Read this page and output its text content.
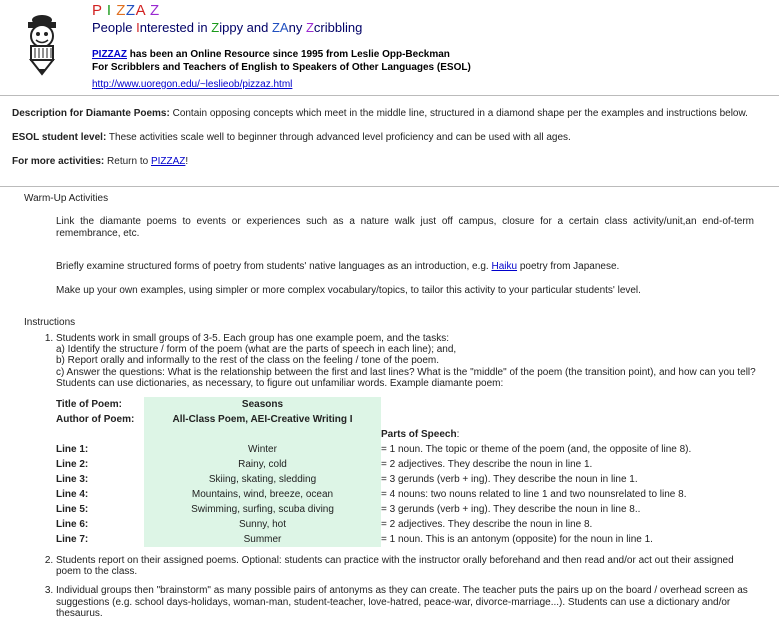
P I ZZA Z
People Interested in Zippy and ZAny Zcribbling
PIZZAZ has been an Online Resource since 1995 from Leslie Opp-Beckman
For Scribblers and Teachers of English to Speakers of Other Languages (ESOL)
http://www.uoregon.edu/~leslieob/pizzaz.html

Description for Diamante Poems: Contain opposing concepts which meet in the middle line, structured in a diamond shape per the examples and instructions below.

ESOL student level: These activities scale well to beginner through advanced level proficiency and can be used with all ages.

For more activities: Return to PIZZAZ!

Warm-Up Activities

Link the diamante poems to events or experiences such as a nature walk just off campus, closure for a certain class activity/unit,an end-of-term remembrance, etc.

Briefly examine structured forms of poetry from students' native languages as an introduction, e.g. Haiku poetry from Japanese.

Make up your own examples, using simpler or more complex vocabulary/topics, to tailor this activity to your particular students' level.

Instructions
1. Students work in small groups of 3-5. Each group has one example poem, and the tasks:
a) Identify the structure / form of the poem (what are the parts of speech in each line); and,
b) Report orally and informally to the rest of the class on the feeling / tone of the poem.
c) Answer the questions: What is the relationship between the first and last lines? What is the "middle" of the poem (the transition point), and how can you tell?
Students can use dictionaries, as necessary, to figure out unfamiliar words. Example diamante poem:
Title of Poem:	Seasons	
Author of Poem:	All-Class Poem, AEI-Creative Writing I	
		Parts of Speech:
Line 1:	Winter	= 1 noun. The topic or theme of the poem (and, the opposite of line 8).
Line 2:	Rainy, cold	= 2 adjectives. They describe the noun in line 1.
Line 3:	Skiing, skating, sledding	= 3 gerunds (verb + ing). They describe the noun in line 1.
Line 4:	Mountains, wind, breeze, ocean	= 4 nouns: two nouns related to line 1 and two nounsrelated to line 8.
Line 5:	Swimming, surfing, scuba diving	= 3 gerunds (verb + ing). They describe the noun in line 8..
Line 6:	Sunny, hot	= 2 adjectives. They describe the noun in line 8.
Line 7:	Summer	= 1 noun. This is an antonym (opposite) for the noun in line 1.
2. Students report on their assigned poems. Optional: students can practice with the instructor orally beforehand and then read and/or act out their assigned poem to the class.
3. Individual groups then "brainstorm" as many possible pairs of antonyms as they can create. The teacher puts the pairs up on the board / overhead screen as suggestions (e.g. school days-holidays, woman-man, student-teacher, love-hatred, peace-war, divorce-marriage...). Students can use a dictionary and/or thesaurus.
